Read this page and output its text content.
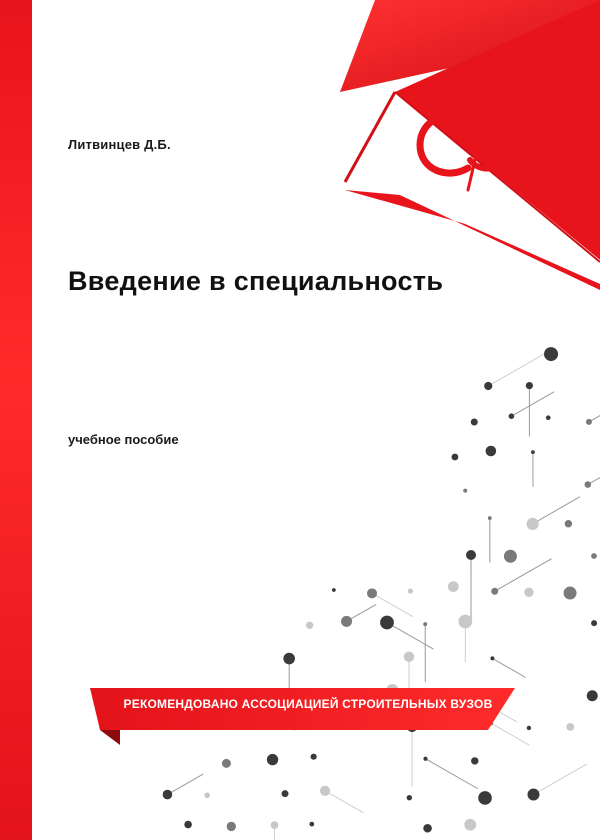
Литвинцев Д.Б.
Введение в специальность
учебное пособие
РЕКОМЕНДОВАНО АССОЦИАЦИЕЙ СТРОИТЕЛЬНЫХ ВУЗОВ
